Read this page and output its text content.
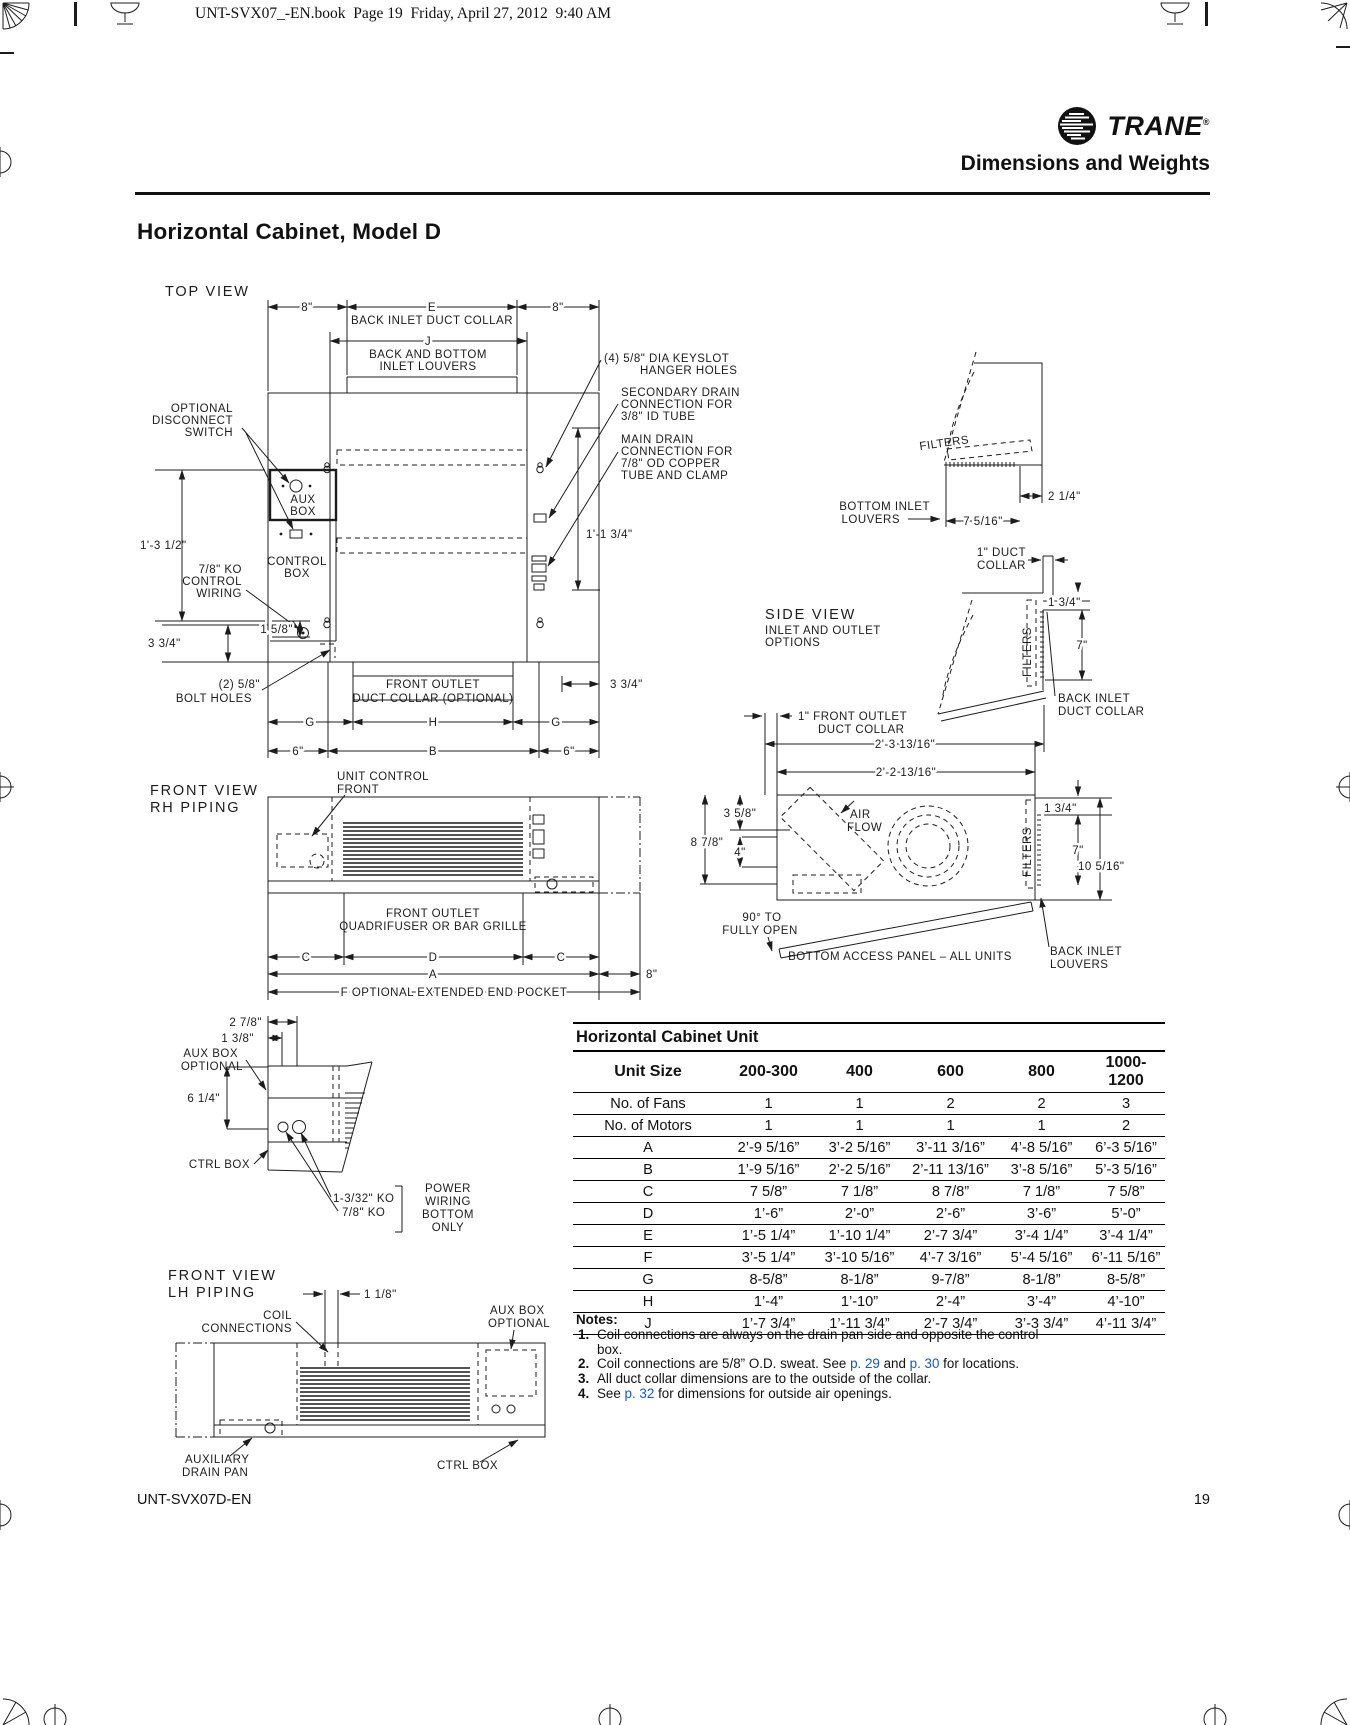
UNT-SVX07_-EN.book  Page 19  Friday, April 27, 2012  9:40 AM
TRANE®
Dimensions and Weights
Horizontal Cabinet, Model D
TOP VIEW
8"	E
BACK INLET DUCT COLLAR
J
BACK AND BOTTOM
INLET LOUVERS
8"
(4) 5/8" DIA KEYSLOT
HANGER HOLES
SECONDARY DRAIN
CONNECTION FOR
3/8" ID TUBE
MAIN DRAIN
CONNECTION FOR
7/8" OD COPPER
TUBE AND CLAMP
OPTIONAL
DISCONNECT
SWITCH
AUX
BOX
1'-3 1/2"
CONTROL
BOX
7/8" KO
CONTROL
WIRING
1 5/8"
3 3/4"
(2) 5/8"
BOLT HOLES
FRONT OUTLET
DUCT COLLAR (OPTIONAL)
G	H	G
6"	B	6"
3 3/4"
1'-1 3/4"
FILTERS
BOTTOM INLET
LOUVERS	7 5/16"
2 1/4"
1" DUCT
COLLAR
SIDE VIEW
INLET AND OUTLET
OPTIONS
1 3/4"
FILTERS	7"
BACK INLET
DUCT COLLAR
1" FRONT OUTLET
DUCT COLLAR
2'-3 13/16"
2'-2 13/16"
3 5/8"
8 7/8"
4"
AIR
FLOW	FILTERS
1 3/4"
7"
10 5/16"
90° TO
FULLY OPEN
BOTTOM ACCESS PANEL – ALL UNITS	BACK INLET
LOUVERS
FRONT VIEW
RH PIPING
UNIT CONTROL
FRONT
FRONT OUTLET
QUADRIFUSER OR BAR GRILLE
C	D	C
A	8"
F OPTIONAL EXTENDED END POCKET
2 7/8"
1 3/8"
AUX BOX
OPTIONAL
6 1/4"
CTRL BOX
1-3/32" KO
7/8" KO
POWER
WIRING
BOTTOM
ONLY
FRONT VIEW
LH PIPING	1 1/8"
COIL
CONNECTIONS
AUX BOX
OPTIONAL
AUXILIARY
DRAIN PAN
CTRL BOX
Horizontal Cabinet Unit					
Unit Size	200-300	400	600	800	1000-1200
No. of Fans	1	1	2	2	3
No. of Motors	1	1	1	1	2
A	2’-9 5/16”	3’-2 5/16”	3’-11 3/16”	4’-8 5/16”	6’-3 5/16”
B	1’-9 5/16”	2’-2 5/16”	2’-11 13/16”	3’-8 5/16”	5’-3 5/16”
C	7 5/8”	7 1/8”	8 7/8”	7 1/8”	7 5/8”
D	1’-6”	2’-0”	2’-6”	3’-6”	5’-0”
E	1’-5 1/4”	1’-10 1/4”	2’-7 3/4”	3’-4 1/4”	3’-4 1/4”
F	3’-5 1/4”	3’-10 5/16”	4’-7 3/16”	5’-4 5/16”	6’-11 5/16”
G	8-5/8”	8-1/8”	9-7/8”	8-1/8”	8-5/8”
H	1’-4”	1’-10”	2’-4”	3’-4”	4’-10”
J	1’-7 3/4”	1’-11 3/4”	2’-7 3/4”	3’-3 3/4”	4’-11 3/4”
Notes:
1. Coil connections are always on the drain pan side and opposite the control box.
2. Coil connections are 5/8” O.D. sweat. See p. 29 and p. 30 for locations.
3. All duct collar dimensions are to the outside of the collar.
4. See p. 32 for dimensions for outside air openings.
UNT-SVX07D-EN	19
